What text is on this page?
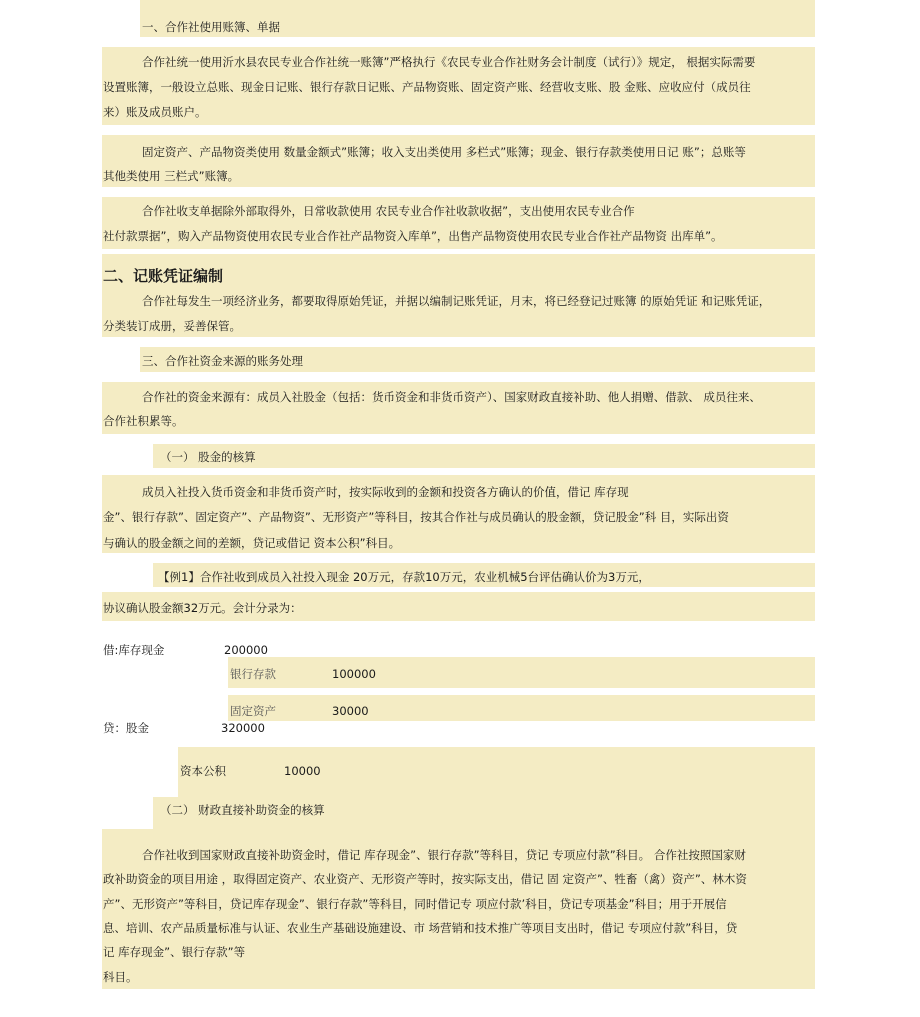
一、合作社使用账簿、单据
合作社统一使用沂水县农民专业合作社统一账簿”严格执行《农民专业合作社财务会计制度（试行）》规定， 根据实际需要
设置账簿，一般设立总账、现金日记账、银行存款日记账、产品物资账、固定资产账、经营收支账、股 金账、应收应付（成员往
来）账及成员账户。
固定资产、产品物资类使用 数量金额式”账簿；收入支出类使用 多栏式”账簿；现金、银行存款类使用日记 账”；总账等
其他类使用 三栏式”账簿。
合作社收支单据除外部取得外，日常收款使用 农民专业合作社收款收据”，支出使用农民专业合作
社付款票据”，购入产品物资使用农民专业合作社产品物资入库单”，出售产品物资使用农民专业合作社产品物资 出库单”。
二、记账凭证编制
合作社每发生一项经济业务，都要取得原始凭证，并据以编制记账凭证，月末，将已经登记过账簿 的原始凭证 和记账凭证，
分类装订成册，妥善保管。
三、合作社资金来源的账务处理
合作社的资金来源有：成员入社股金（包括：货币资金和非货币资产）、国家财政直接补助、他人捐赠、借款、 成员往来、
合作社积累等。
（一） 股金的核算
成员入社投入货币资金和非货币资产时，按实际收到的金额和投资各方确认的价值，借记 库存现
金”、银行存款”、固定资产”、产品物资”、无形资产”等科目，按其合作社与成员确认的股金额，贷记股金”科 目，实际出资
与确认的股金额之间的差额，贷记或借记 资本公积”科目。
【例1】合作社收到成员入社投入现金 20万元，存款10万元，农业机械5台评估确认价为3万元，
协议确认股金额32万元。会计分录为：
借:库存现金	200000
银行存款	100000
固定资产	30000
贷：股金	320000
资本公积	10000
（二） 财政直接补助资金的核算
合作社收到国家财政直接补助资金时，借记 库存现金”、银行存款”等科目，贷记 专项应付款”科目。 合作社按照国家财
政补助资金的项目用途 ，取得固定资产、农业资产、无形资产等时，按实际支出，借记 固 定资产”、牲畜（禽）资产”、林木资
产”、无形资产”等科目，贷记库存现金”、银行存款”等科目，同时借记专 项应付款’科目，贷记专项基金”科目；用于开展信
息、培训、农产品质量标准与认证、农业生产基础设施建设、市 场营销和技术推广等项目支出时，借记 专项应付款”科目，贷
记 库存现金”、银行存款”等
科目。
